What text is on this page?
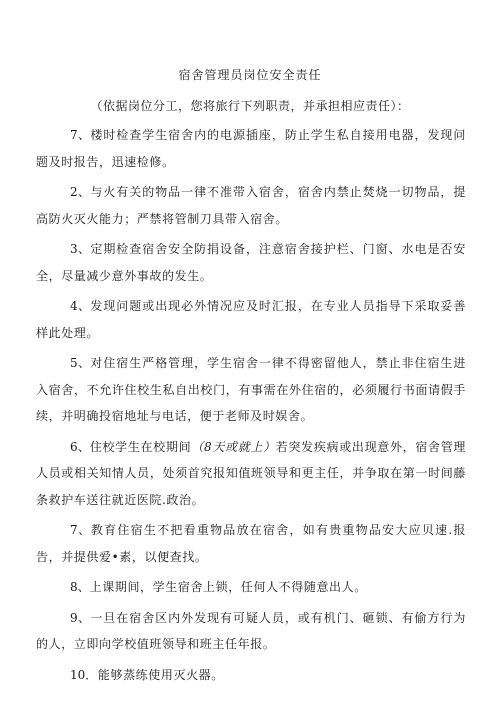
宿舍管理员岗位安全责任
（依据岗位分工，您将旅行下列职责，并承担相应责任）：

7、楼时检查学生宿舍内的电源插座，防止学生私自接用电器，发现问题及时报告，迅速检修。

2、与火有关的物品一律不准带入宿舍，宿舍内禁止焚烧一切物品，提高防火灭火能力；严禁将管制刀具带入宿舍。

3、定期检查宿舍安全防捐设备，注意宿舍接护栏、门窗、水电是否安全，尽量减少意外事故的发生。

4、发现问题或出现必外情况应及时汇报，在专业人员指导下采取妥善样此处理。

5、对住宿生严格管理，学生宿舍一律不得密留他人，禁止非住宿生进入宿舍，不允许住校生私自出校门，有事需在外住宿的，必须履行书面请假手续，并明确投宿地址与电话，便于老师及时娱舍。

6、住校学生在校期间（8天或就上）若突发疾病或出现意外，宿舍管理人员或相关知情人员，处须首究报知值班领导和更主任，并争取在第一时间藤条救护车送往就近医院.政治。

7、教育住宿生不把看重物品放在宿舍，如有贵重物品安大应贝速.报告，并提供爱•素，以便查找。

8、上课期间，学生宿舍上锁，任何人不得随意出人。

9、一旦在宿舍区内外发现有可疑人员，或有机门、砸锁、有偷方行为的人，立即向学校值班领导和班主任年报。

10．能够蒸练使用灭火器。
